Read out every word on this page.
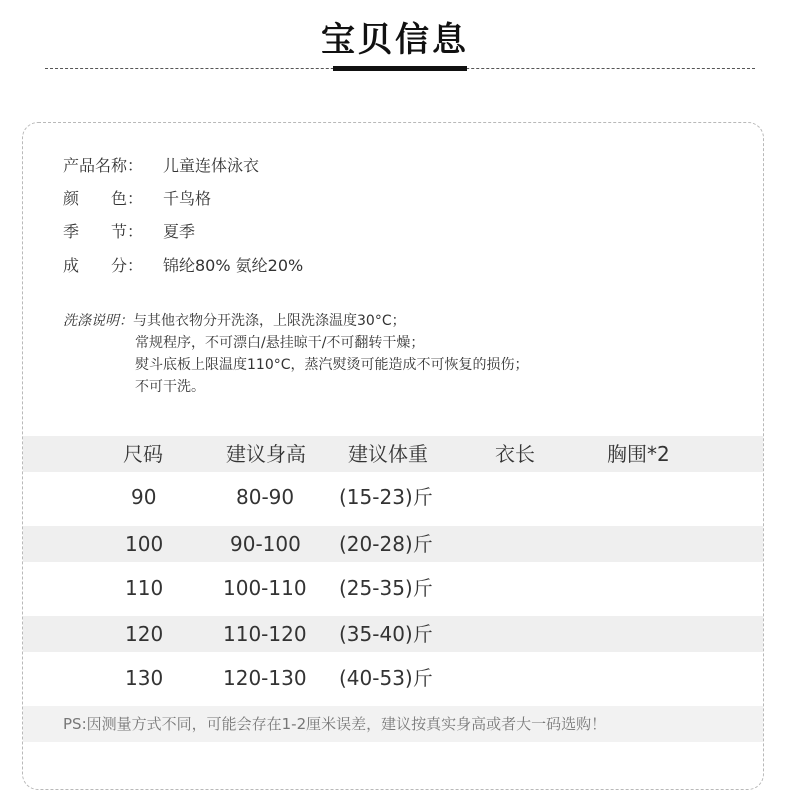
宝贝信息
产品名称： 儿童连体泳衣
颜　　色： 千鸟格
季　　节： 夏季
成　　分： 锦纶80% 氨纶20%
洗涤说明：与其他衣物分开洗涤，上限洗涤温度30°C；
常规程序，不可漂白/悬挂晾干/不可翻转干燥；
熨斗底板上限温度110°C，蒸汽熨烫可能造成不可恢复的损伤；
不可干洗。
尺码	建议身高 建议体重	衣长	胸围*2
90	80-90 (15-23)斤
100	90-100 (20-28)斤
110	100-110 (25-35)斤
120	110-120 (35-40)斤
130	120-130 (40-53)斤
PS:因测量方式不同，可能会存在1-2厘米误差，建议按真实身高或者大一码选购！
